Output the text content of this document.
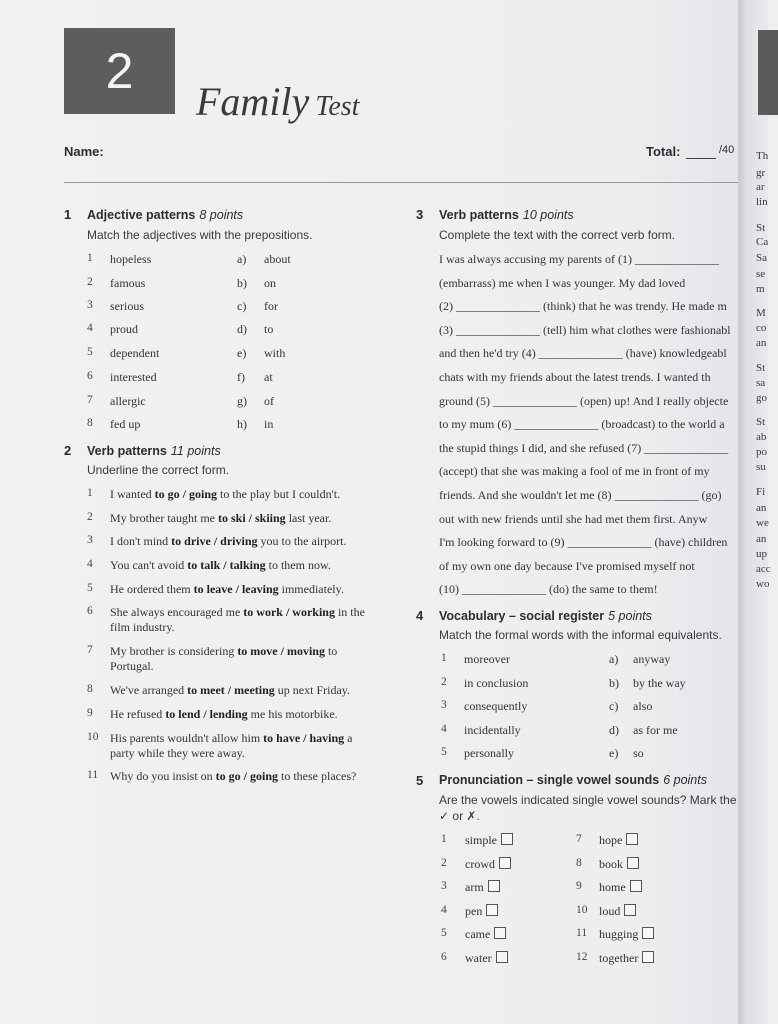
2
Family Test
Name:	Total:	/40
1 Adjective patterns 8 points
Match the adjectives with the prepositions.
1 hopeless	a) about
2 famous	b) on
3 serious	c) for
4 proud	d) to
5 dependent	e) with
6 interested	f) at
7 allergic	g) of
8 fed up	h) in
2 Verb patterns 11 points
Underline the correct form.
1 I wanted to go / going to the play but I couldn't.
2 My brother taught me to ski / skiing last year.
3 I don't mind to drive / driving you to the airport.
4 You can't avoid to talk / talking to them now.
5 He ordered them to leave / leaving immediately.
6 She always encouraged me to work / working in the
film industry.
7 My brother is considering to move / moving to
Portugal.
8 We've arranged to meet / meeting up next Friday.
9 He refused to lend / lending me his motorbike.
10 His parents wouldn't allow him to have / having a
party while they were away.
11 Why do you insist on to go / going to these places?
3 Verb patterns 10 points
Complete the text with the correct verb form.
I was always accusing my parents of (1) ______________
(embarrass) me when I was younger. My dad loved
(2) ______________ (think) that he was trendy. He made m
(3) ______________ (tell) him what clothes were fashionabl
and then he'd try (4) ______________ (have) knowledgeabl
chats with my friends about the latest trends. I wanted th
ground (5) ______________ (open) up! And I really objecte
to my mum (6) ______________ (broadcast) to the world a
the stupid things I did, and she refused (7) ______________
(accept) that she was making a fool of me in front of my
friends. And she wouldn't let me (8) ______________ (go)
out with new friends until she had met them first. Anyw
I'm looking forward to (9) ______________ (have) children
of my own one day because I've promised myself not
(10) ______________ (do) the same to them!
4 Vocabulary – social register 5 points
Match the formal words with the informal equivalents.
1 moreover	a) anyway
2 in conclusion	b) by the way
3 consequently	c) also
4 incidentally	d) as for me
5 personally	e) so
5 Pronunciation – single vowel sounds 6 points
Are the vowels indicated single vowel sounds? Mark the
✓ or ✗.
1 simple
2 crowd
3 arm
4 pen
5 came
6 water
7 hope
8 book
9 home
10 loud
11 hugging
12 together
Th
gr
ar
lin
St
Ca
Sa
se
m
M
co
an
St
sa
go
St
ab
po
su
Fi
an
we
an
up
acc
wo
